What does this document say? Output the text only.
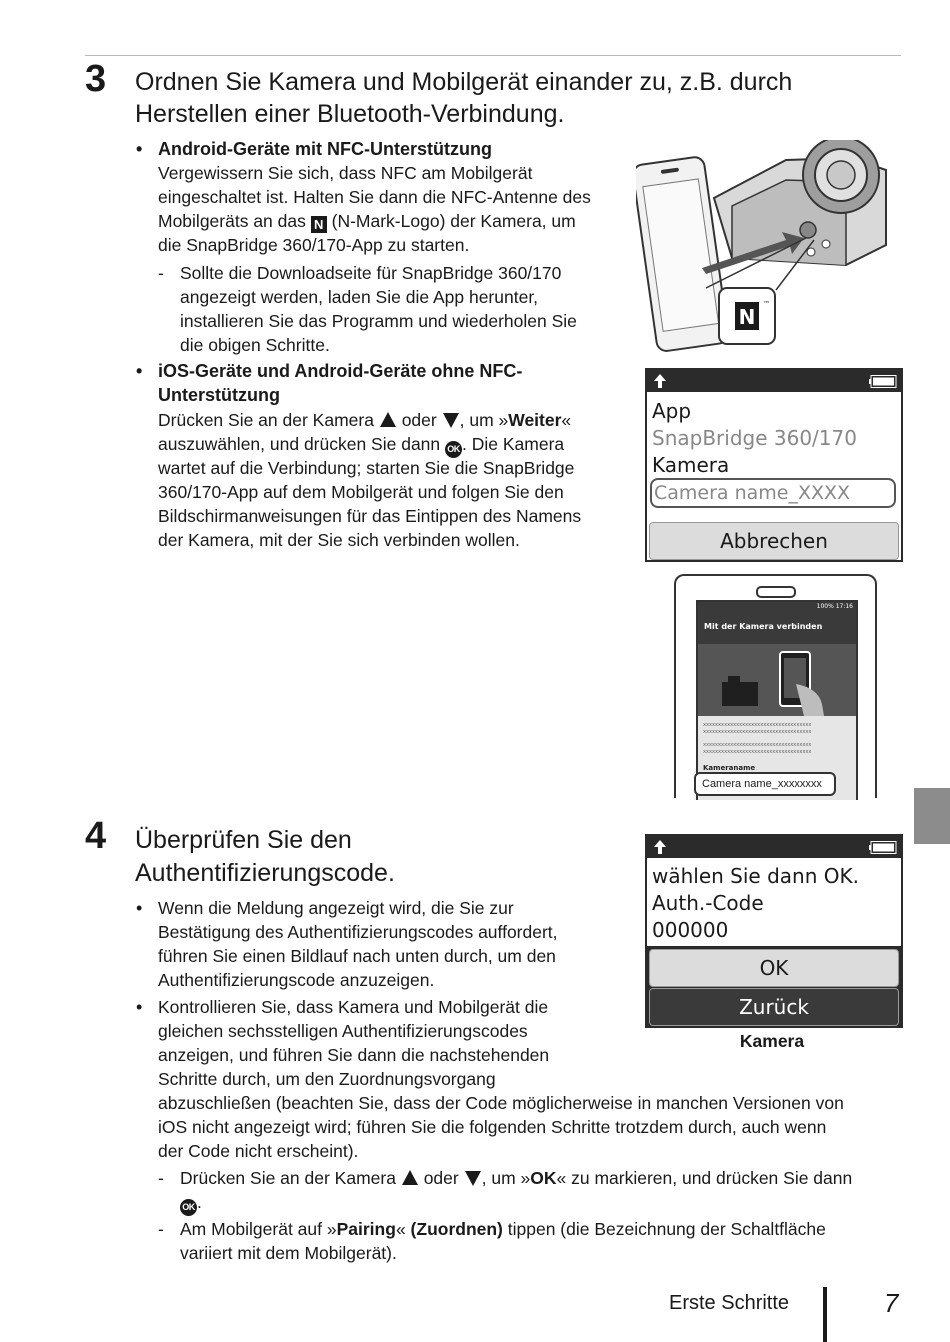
3 Ordnen Sie Kamera und Mobilgerät einander zu, z.B. durch
Herstellen einer Bluetooth-Verbindung.
• Android-Geräte mit NFC-Unterstützung
Vergewissern Sie sich, dass NFC am Mobilgerät
eingeschaltet ist. Halten Sie dann die NFC-Antenne des
Mobilgeräts an das N (N-Mark-Logo) der Kamera, um
die SnapBridge 360/170-App zu starten.
- Sollte die Downloadseite für SnapBridge 360/170
angezeigt werden, laden Sie die App herunter,
installieren Sie das Programm und wiederholen Sie
die obigen Schritte.
• iOS-Geräte und Android-Geräte ohne NFC-
Unterstützung
Drücken Sie an der Kamera oder , um »Weiter«
auszuwählen, und drücken Sie dann OK . Die Kamera
wartet auf die Verbindung; starten Sie die SnapBridge
360/170-App auf dem Mobilgerät und folgen Sie den
Bildschirmanweisungen für das Eintippen des Namens
der Kamera, mit der Sie sich verbinden wollen.
N
™
App
SnapBridge 360/170
Kamera
Camera name_XXXX
Abbrechen
100% 17:16
Mit der Kamera verbinden
xxxxxxxxxxxxxxxxxxxxxxxxxxxxxxxxxxxx
xxxxxxxxxxxxxxxxxxxxxxxxxxxxxxxxxxxx
xxxxxxxxxxxxxxxxxxxxxxxxxxxxxxxxxxxx
xxxxxxxxxxxxxxxxxxxxxxxxxxxxxxxxxxxx
Kameraname
Camera name_xxxxxxxx
4 Überprüfen Sie den
Authentifizierungscode.
• Wenn die Meldung angezeigt wird, die Sie zur
Bestätigung des Authentifizierungscodes auffordert,
führen Sie einen Bildlauf nach unten durch, um den
Authentifizierungscode anzuzeigen.
• Kontrollieren Sie, dass Kamera und Mobilgerät die
gleichen sechsstelligen Authentifizierungscodes
anzeigen, und führen Sie dann die nachstehenden
Schritte durch, um den Zuordnungsvorgang
abzuschließen (beachten Sie, dass der Code möglicherweise in manchen Versionen von
iOS nicht angezeigt wird; führen Sie die folgenden Schritte trotzdem durch, auch wenn
der Code nicht erscheint).
- Drücken Sie an der Kamera oder , um »OK« zu markieren, und drücken Sie dann
OK .
- Am Mobilgerät auf »Pairing« (Zuordnen) tippen (die Bezeichnung der Schaltfläche
variiert mit dem Mobilgerät).
wählen Sie dann OK.
Auth.-Code
000000
OK
Zurück
Kamera
Erste Schritte	7
